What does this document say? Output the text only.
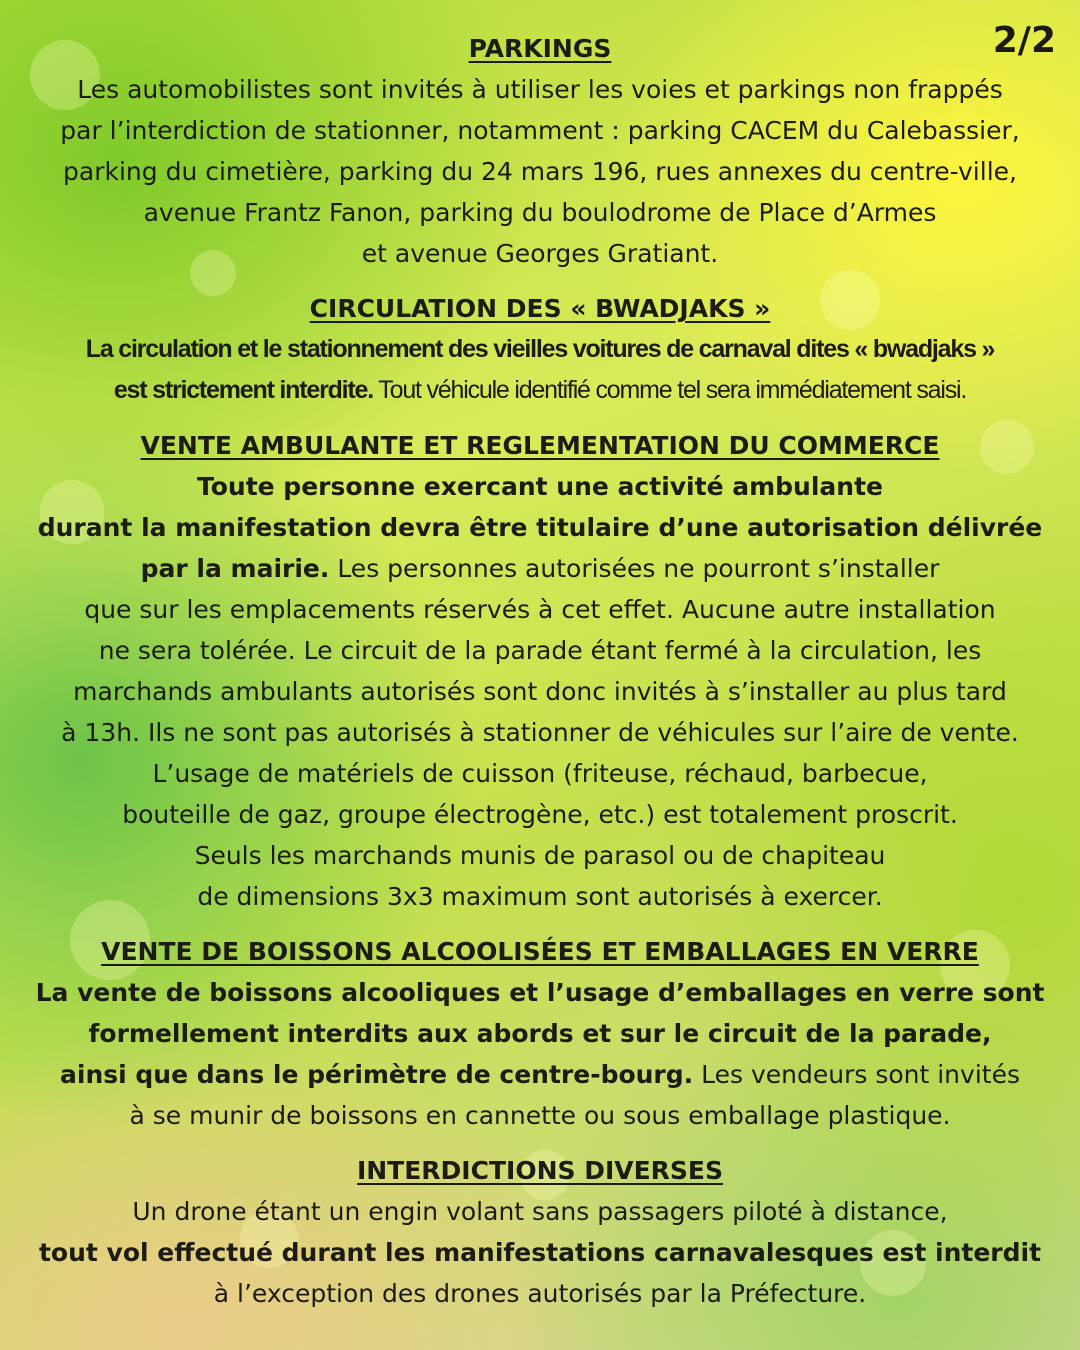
2/2
PARKINGS
Les automobilistes sont invités à utiliser les voies et parkings non frappés
par l’interdiction de stationner, notamment : parking CACEM du Calebassier,
parking du cimetière, parking du 24 mars 196, rues annexes du centre-ville,
avenue Frantz Fanon, parking du boulodrome de Place d’Armes
et avenue Georges Gratiant.
CIRCULATION DES « BWADJAKS »
La circulation et le stationnement des vieilles voitures de carnaval dites « bwadjaks »
est strictement interdite. Tout véhicule identifié comme tel sera immédiatement saisi.
VENTE AMBULANTE ET REGLEMENTATION DU COMMERCE
Toute personne exercant une activité ambulante
durant la manifestation devra être titulaire d’une autorisation délivrée
par la mairie. Les personnes autorisées ne pourront s’installer
que sur les emplacements réservés à cet effet. Aucune autre installation
ne sera tolérée. Le circuit de la parade étant fermé à la circulation, les
marchands ambulants autorisés sont donc invités à s’installer au plus tard
à 13h. Ils ne sont pas autorisés à stationner de véhicules sur l’aire de vente.
L’usage de matériels de cuisson (friteuse, réchaud, barbecue,
bouteille de gaz, groupe électrogène, etc.) est totalement proscrit.
Seuls les marchands munis de parasol ou de chapiteau
de dimensions 3x3 maximum sont autorisés à exercer.
VENTE DE BOISSONS ALCOOLISÉES ET EMBALLAGES EN VERRE
La vente de boissons alcooliques et l’usage d’emballages en verre sont
formellement interdits aux abords et sur le circuit de la parade,
ainsi que dans le périmètre de centre-bourg. Les vendeurs sont invités
à se munir de boissons en cannette ou sous emballage plastique.
INTERDICTIONS DIVERSES
Un drone étant un engin volant sans passagers piloté à distance,
tout vol effectué durant les manifestations carnavalesques est interdit
à l’exception des drones autorisés par la Préfecture.
